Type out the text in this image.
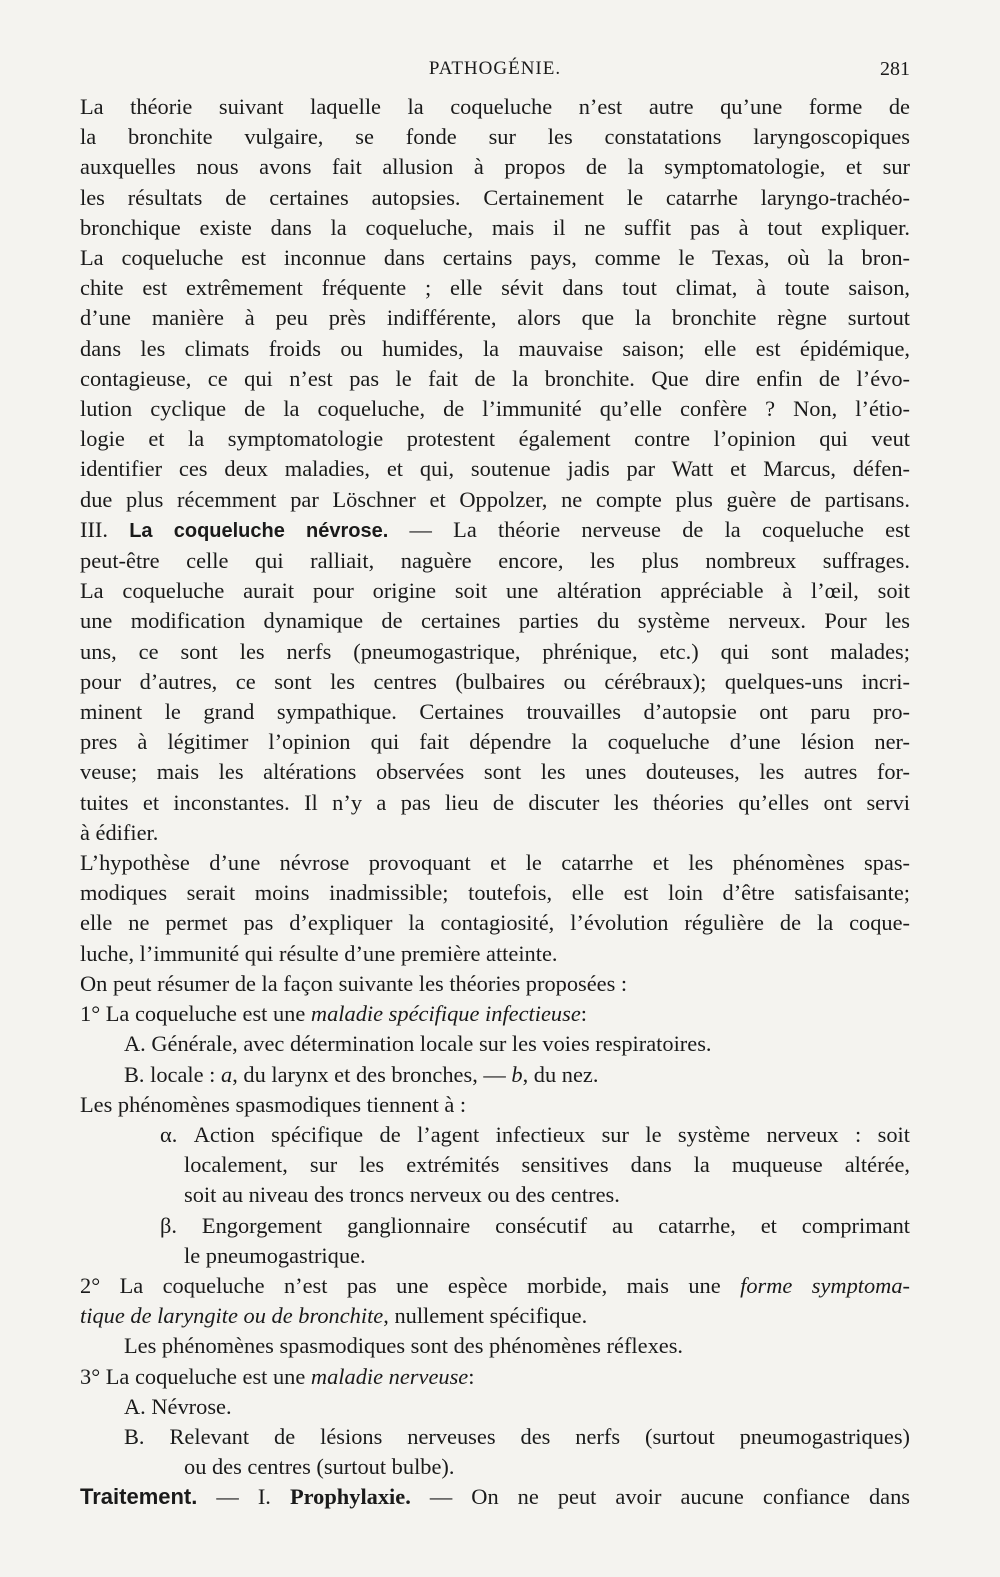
PATHOGÉNIE.	281
La théorie suivant laquelle la coqueluche n’est autre qu’une forme de
la bronchite vulgaire, se fonde sur les constatations laryngoscopiques
auxquelles nous avons fait allusion à propos de la symptomatologie, et sur
les résultats de certaines autopsies. Certainement le catarrhe laryngo-trachéo-
bronchique existe dans la coqueluche, mais il ne suffit pas à tout expliquer.
La coqueluche est inconnue dans certains pays, comme le Texas, où la bron-
chite est extrêmement fréquente ; elle sévit dans tout climat, à toute saison,
d’une manière à peu près indifférente, alors que la bronchite règne surtout
dans les climats froids ou humides, la mauvaise saison; elle est épidémique,
contagieuse, ce qui n’est pas le fait de la bronchite. Que dire enfin de l’évo-
lution cyclique de la coqueluche, de l’immunité qu’elle confère ? Non, l’étio-
logie et la symptomatologie protestent également contre l’opinion qui veut
identifier ces deux maladies, et qui, soutenue jadis par Watt et Marcus, défen-
due plus récemment par Löschner et Oppolzer, ne compte plus guère de partisans.
III. La coqueluche névrose. — La théorie nerveuse de la coqueluche est
peut-être celle qui ralliait, naguère encore, les plus nombreux suffrages.
La coqueluche aurait pour origine soit une altération appréciable à l’œil, soit
une modification dynamique de certaines parties du système nerveux. Pour les
uns, ce sont les nerfs (pneumogastrique, phrénique, etc.) qui sont malades;
pour d’autres, ce sont les centres (bulbaires ou cérébraux); quelques-uns incri-
minent le grand sympathique. Certaines trouvailles d’autopsie ont paru pro-
pres à légitimer l’opinion qui fait dépendre la coqueluche d’une lésion ner-
veuse; mais les altérations observées sont les unes douteuses, les autres for-
tuites et inconstantes. Il n’y a pas lieu de discuter les théories qu’elles ont servi
à édifier.
L’hypothèse d’une névrose provoquant et le catarrhe et les phénomènes spas-
modiques serait moins inadmissible; toutefois, elle est loin d’être satisfaisante;
elle ne permet pas d’expliquer la contagiosité, l’évolution régulière de la coque-
luche, l’immunité qui résulte d’une première atteinte.
On peut résumer de la façon suivante les théories proposées :
1° La coqueluche est une maladie spécifique infectieuse:
A. Générale, avec détermination locale sur les voies respiratoires.
B. locale : a, du larynx et des bronches, — b, du nez.
Les phénomènes spasmodiques tiennent à :
α. Action spécifique de l’agent infectieux sur le système nerveux : soit
localement, sur les extrémités sensitives dans la muqueuse altérée,
soit au niveau des troncs nerveux ou des centres.
β. Engorgement ganglionnaire consécutif au catarrhe, et comprimant
le pneumogastrique.
2° La coqueluche n’est pas une espèce morbide, mais une forme symptoma-
tique de laryngite ou de bronchite, nullement spécifique.
Les phénomènes spasmodiques sont des phénomènes réflexes.
3° La coqueluche est une maladie nerveuse:
A. Névrose.
B. Relevant de lésions nerveuses des nerfs (surtout pneumogastriques)
ou des centres (surtout bulbe).
Traitement. — I. Prophylaxie. — On ne peut avoir aucune confiance dans
